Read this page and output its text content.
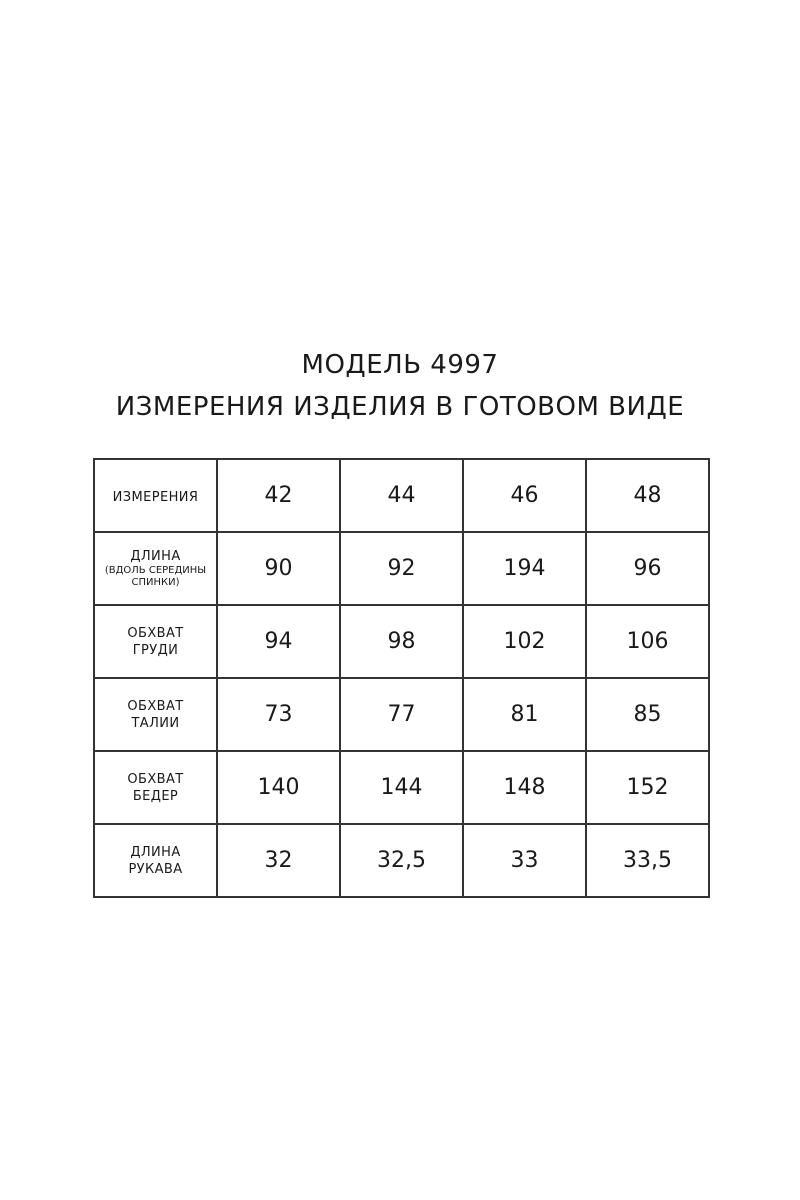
МОДЕЛЬ 4997
ИЗМЕРЕНИЯ ИЗДЕЛИЯ В ГОТОВОМ ВИДЕ
ИЗМЕРЕНИЯ	42	44	46	48

ДЛИНА
(ВДОЛЬ СЕРЕДИНЫ
СПИНКИ)	90	92	194	96

ОБХВАТ
ГРУДИ	94	98	102	106

ОБХВАТ
ТАЛИИ	73	77	81	85

ОБХВАТ
БЕДЕР	140	144	148	152

ДЛИНА
РУКАВА	32	32,5	33	33,5
